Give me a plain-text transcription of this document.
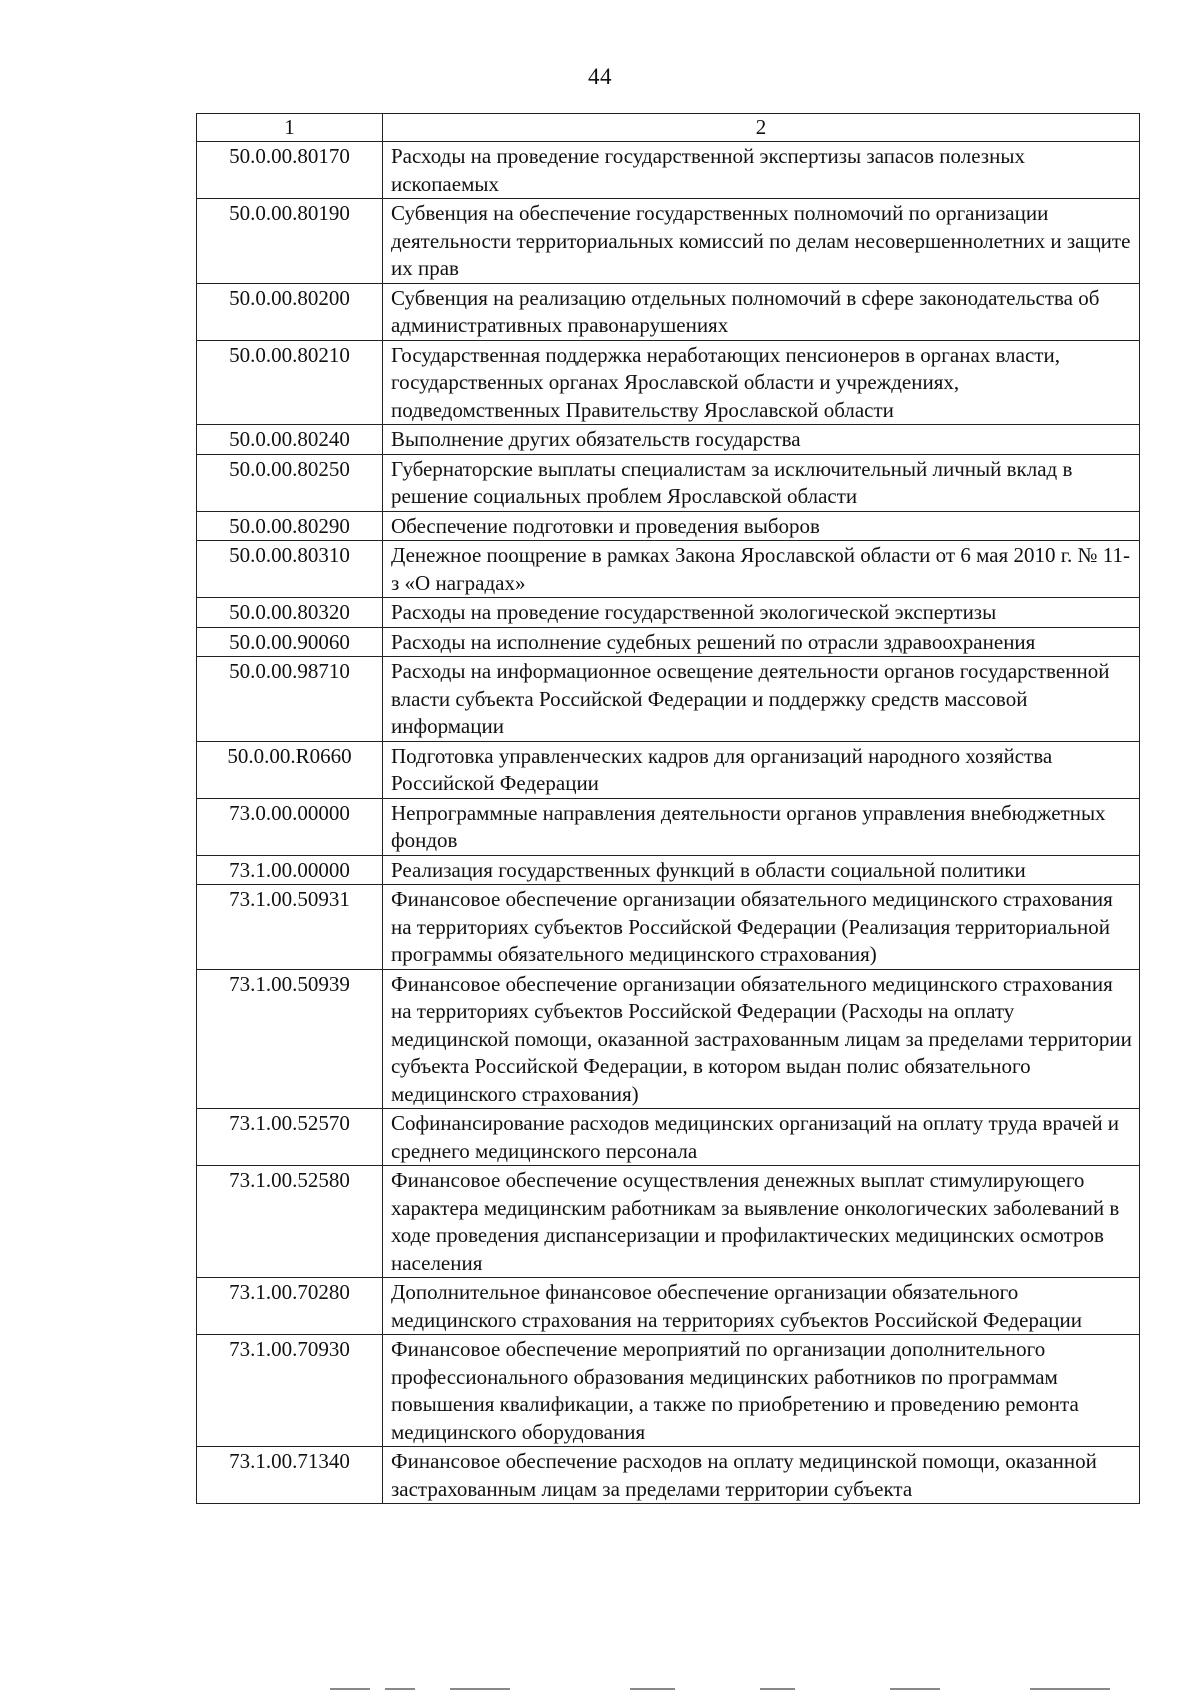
44
1	2
50.0.00.80170	Расходы на проведение государственной экспертизы запасов полезных ископаемых
50.0.00.80190	Субвенция на обеспечение государственных полномочий по организации деятельности территориальных комиссий по делам несовершеннолетних и защите их прав
50.0.00.80200	Субвенция на реализацию отдельных полномочий в сфере законодательства об административных правонарушениях
50.0.00.80210	Государственная поддержка неработающих пенсионеров в органах власти, государственных органах Ярославской области и учреждениях, подведомственных Правительству Ярославской области
50.0.00.80240	Выполнение других обязательств государства
50.0.00.80250	Губернаторские выплаты специалистам за исключительный личный вклад в решение социальных проблем Ярославской области
50.0.00.80290	Обеспечение подготовки и проведения выборов
50.0.00.80310	Денежное поощрение в рамках Закона Ярославской области от 6 мая 2010 г. № 11-з «О наградах»
50.0.00.80320	Расходы на проведение государственной экологической экспертизы
50.0.00.90060	Расходы на исполнение судебных решений по отрасли здравоохранения
50.0.00.98710	Расходы на информационное освещение деятельности органов государственной власти субъекта Российской Федерации и поддержку средств массовой информации
50.0.00.R0660	Подготовка управленческих кадров для организаций народного хозяйства Российской Федерации
73.0.00.00000	Непрограммные направления деятельности органов управления внебюджетных фондов
73.1.00.00000	Реализация государственных функций в области социальной политики
73.1.00.50931	Финансовое обеспечение организации обязательного медицинского страхования на территориях субъектов Российской Федерации (Реализация территориальной программы обязательного медицинского страхования)
73.1.00.50939	Финансовое обеспечение организации обязательного медицинского страхования на территориях субъектов Российской Федерации (Расходы на оплату медицинской помощи, оказанной застрахованным лицам за пределами территории субъекта Российской Федерации, в котором выдан полис обязательного медицинского страхования)
73.1.00.52570	Софинансирование расходов медицинских организаций на оплату труда врачей и среднего медицинского персонала
73.1.00.52580	Финансовое обеспечение осуществления денежных выплат стимулирующего характера медицинским работникам за выявление онкологических заболеваний в ходе проведения диспансеризации и профилактических медицинских осмотров населения
73.1.00.70280	Дополнительное финансовое обеспечение организации обязательного медицинского страхования на территориях субъектов Российской Федерации
73.1.00.70930	Финансовое обеспечение мероприятий по организации дополнительного профессионального образования медицинских работников по программам повышения квалификации, а также по приобретению и проведению ремонта медицинского оборудования
73.1.00.71340	Финансовое обеспечение расходов на оплату медицинской помощи, оказанной застрахованным лицам за пределами территории субъекта
